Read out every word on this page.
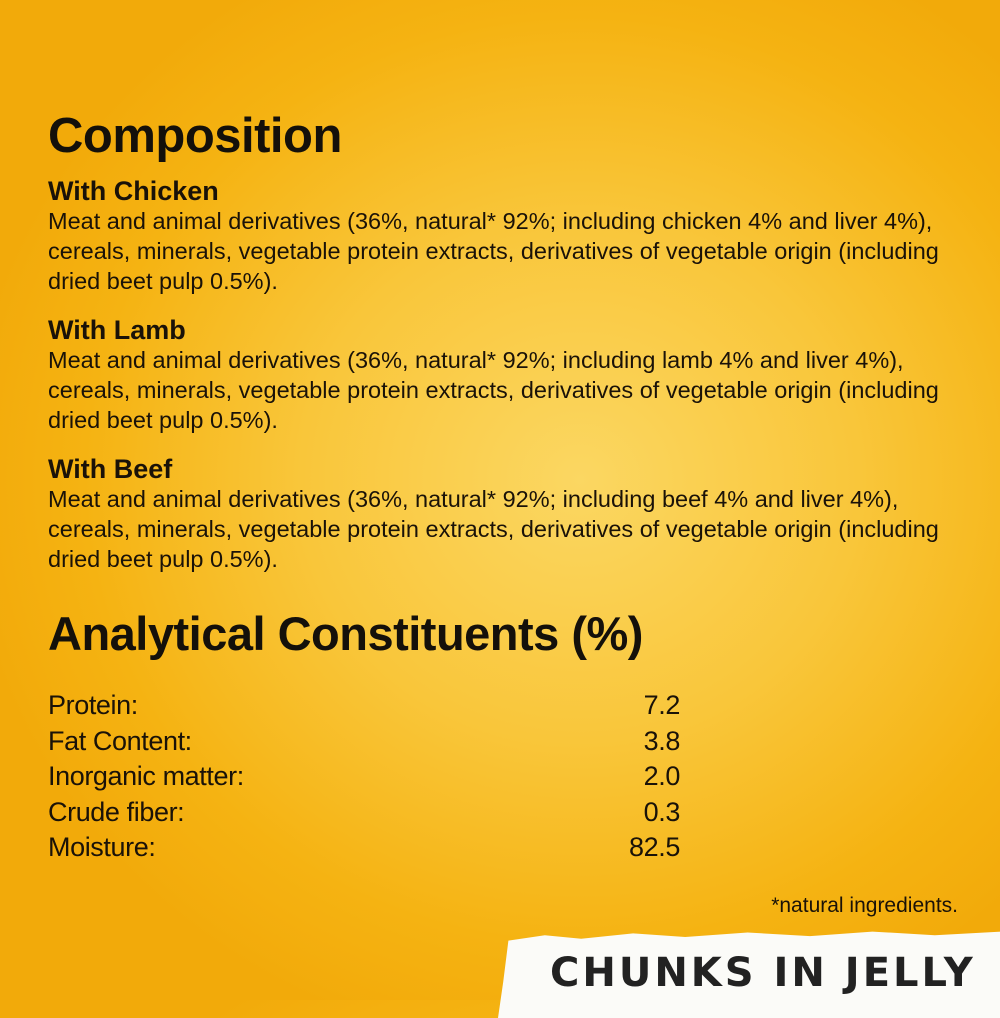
Composition

With Chicken

Meat and animal derivatives (36%, natural* 92%; including chicken 4% and liver 4%), cereals, minerals, vegetable protein extracts, derivatives of vegetable origin (including dried beet pulp 0.5%).

With Lamb

Meat and animal derivatives (36%, natural* 92%; including lamb 4% and liver 4%), cereals, minerals, vegetable protein extracts, derivatives of vegetable origin (including dried beet pulp 0.5%).

With Beef

Meat and animal derivatives (36%, natural* 92%; including beef 4% and liver 4%), cereals, minerals, vegetable protein extracts, derivatives of vegetable origin (including dried beet pulp 0.5%).

Analytical Constituents (%)
Protein:	7.2
Fat Content:	3.8
Inorganic matter:	2.0
Crude fiber:	0.3
Moisture:	82.5
*natural ingredients.
CHUNKS IN JELLY
